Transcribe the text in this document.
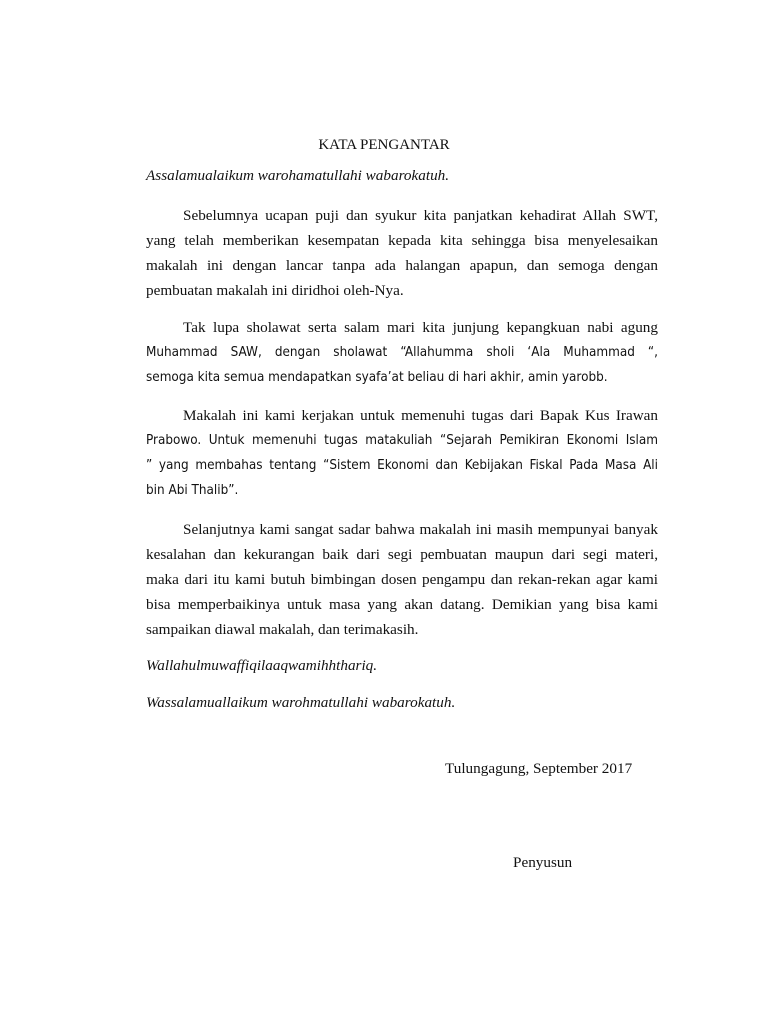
KATA PENGANTAR
Assalamualaikum warohamatullahi wabarokatuh.
Sebelumnya ucapan puji dan syukur kita panjatkan kehadirat Allah SWT,
yang telah memberikan kesempatan kepada kita sehingga bisa menyelesaikan
makalah ini dengan lancar tanpa ada halangan apapun, dan semoga dengan
pembuatan makalah ini diridhoi oleh-Nya.
Tak lupa sholawat serta salam mari kita junjung kepangkuan nabi agung
Muhammad SAW, dengan sholawat “Allahumma sholi ‘Ala Muhammad “,
semoga kita semua mendapatkan syafa’at beliau di hari akhir, amin yarobb.
Makalah ini kami kerjakan untuk memenuhi tugas dari Bapak Kus Irawan
Prabowo. Untuk memenuhi tugas matakuliah “Sejarah Pemikiran Ekonomi Islam
” yang membahas tentang “Sistem Ekonomi dan Kebijakan Fiskal Pada Masa Ali
bin Abi Thalib”.
Selanjutnya kami sangat sadar bahwa makalah ini masih mempunyai banyak
kesalahan dan kekurangan baik dari segi pembuatan maupun dari segi materi,
maka dari itu kami butuh bimbingan dosen pengampu dan rekan-rekan agar kami
bisa memperbaikinya untuk masa yang akan datang. Demikian yang bisa kami
sampaikan diawal makalah, dan terimakasih.
Wallahulmuwaffiqilaaqwamihhthariq.
Wassalamuallaikum warohmatullahi wabarokatuh.
Tulungagung, September 2017
Penyusun
